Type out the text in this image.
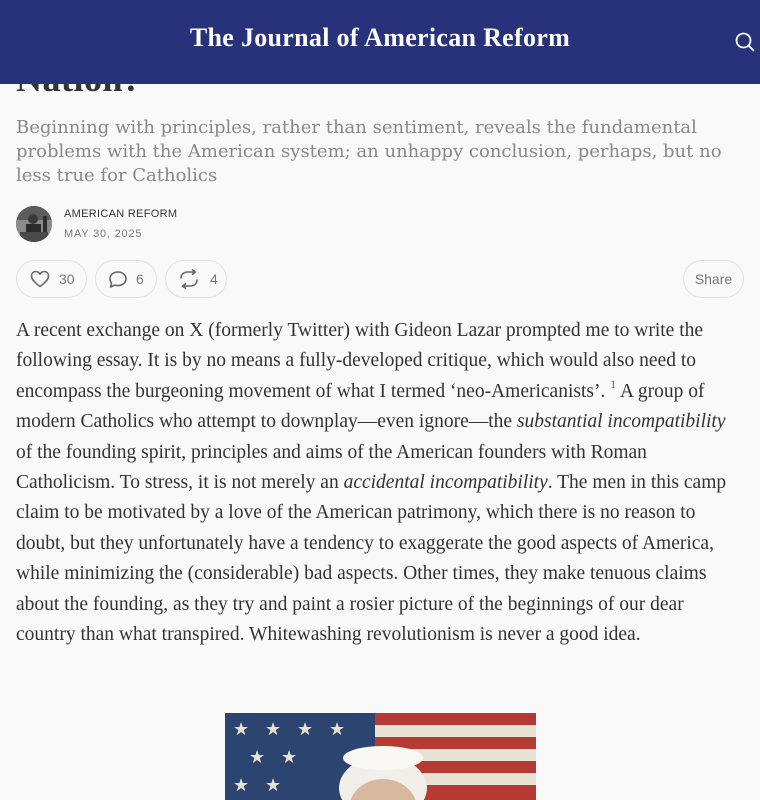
The Journal of American Reform
Beginning with principles, rather than sentiment, reveals the fundamental problems with the American system; an unhappy conclusion, perhaps, but no less true for Catholics
AMERICAN REFORM
MAY 30, 2025
30	6	4	Share

A recent exchange on X (formerly Twitter) with Gideon Lazar prompted me to write the following essay. It is by no means a fully-developed critique, which would also need to encompass the burgeoning movement of what I termed ‘neo-Americanists’. $^1$ A group of modern Catholics who attempt to downplay—even ignore—the substantial incompatibility of the founding spirit, principles and aims of the American founders with Roman Catholicism. To stress, it is not merely an accidental incompatibility. The men in this camp claim to be motivated by a love of the American patrimony, which there is no reason to doubt, but they unfortunately have a tendency to exaggerate the good aspects of America, while minimizing the (considerable) bad aspects. Other times, they make tenuous claims about the founding, as they try and paint a rosier picture of the beginnings of our dear country than what transpired. Whitewashing revolutionism is never a good idea.

★ ★ ★ ★
★ ★
★ ★
